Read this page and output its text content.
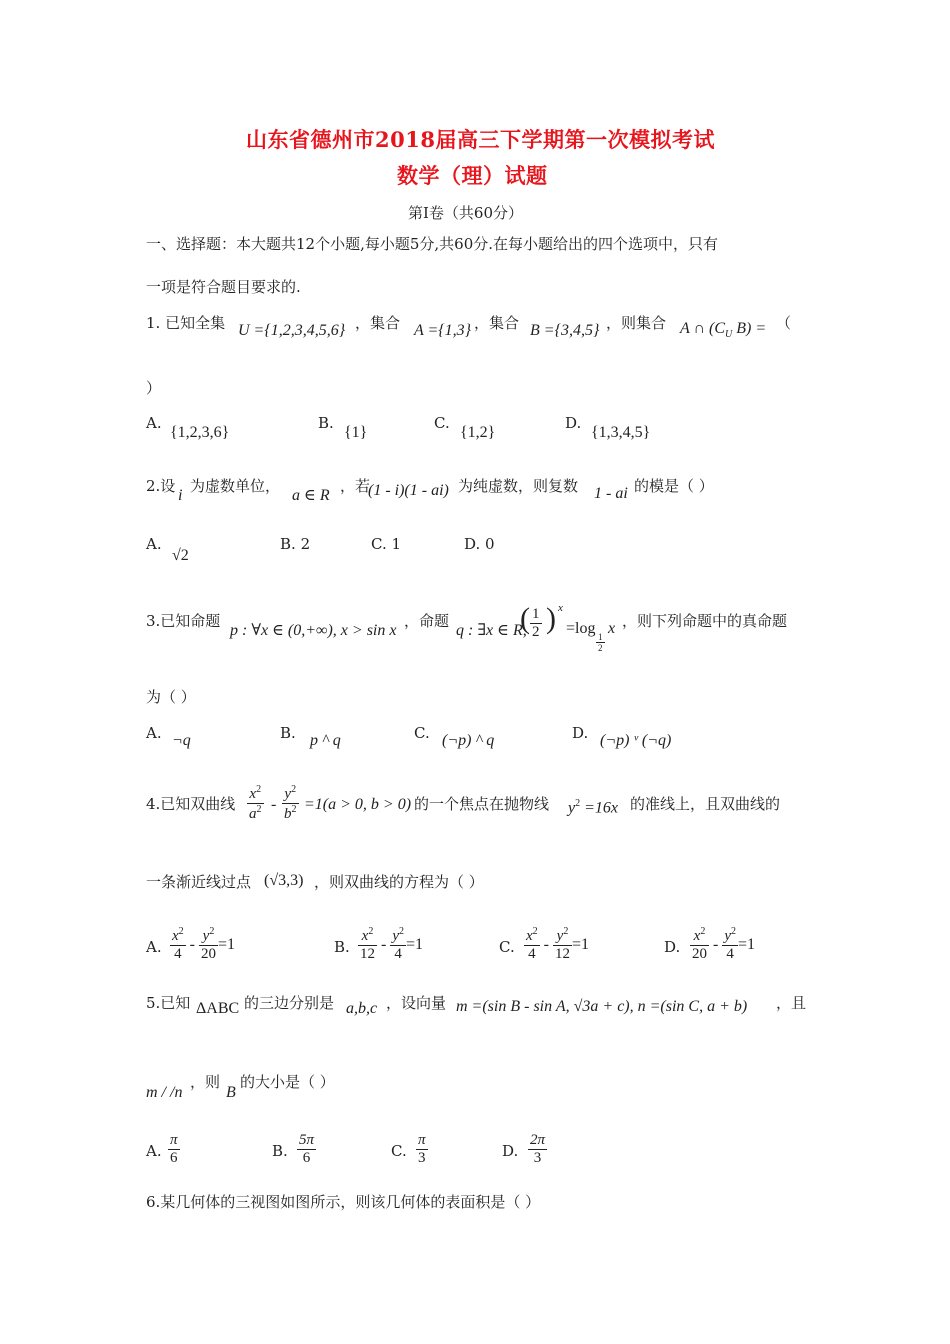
山东省德州市2018届高三下学期第一次模拟考试
数学（理）试题
第Ⅰ卷（共60分）
一、选择题：本大题共12个小题,每小题5分,共60分.在每小题给出的四个选项中，只有
一项是符合题目要求的.
1. 已知全集 U ={1,2,3,4,5,6} ，集合 A ={1,3} ，集合 B ={3,4,5} ，则集合 A ∩ ($C_U$ B) = （
）
A.
{1,2,3,6}
B.
{1}
C.
{1,2}
D.
{1,3,4,5}
2.设
i
为虚数单位，
a ∈ R
，若
(1 - i)(1 - ai) 为纯虚数，则复数 1 - ai 的模是（ ）
A.
√2
B. 2	C. 1	D. 0
3.已知命题
p : ∀x ∈ (0,+∞), x > sin x
，命题
q : ∃x ∈ R,
( $\frac{1}{2}$ ) x
=log
$\frac{1}{2}$
x ，则下列命题中的真命题
为（ ）
A. ¬q	B. p ^ q	C. (¬p) ^ q	D. (¬p) ᵛ (¬q)
4.已知双曲线 $\frac{x^2}{a^2} - \frac{y^2}{b^2} =1(a > 0$, b > 0) 的一个焦点在抛物线 $y^2 =16x$ 的准线上，且双曲线的
一条渐近线过点 (√3,3) ，则双曲线的方程为（ ）
A. $\frac{x^2}{4} - \frac{y^2}{20} =1$	B. $\frac{x^2}{12} - \frac{y^2}{4} =1$	C. $\frac{x^2}{4} - \frac{y^2}{12} =1$	D. $\frac{x^2}{20} - \frac{y^2}{4} =1$
5.已知 ΔABC 的三边分别是 a,b,c ，设向量 m =(sin B - sin A, √3a + c), n =(sin C, a + b) ，且
m / /n
，则
B
的大小是（ ）
A. $\frac{\pi}{6}$	B. $\frac{5\pi}{6}$	C. $\frac{\pi}{3}$	D. $\frac{2\pi}{3}$
6.某几何体的三视图如图所示，则该几何体的表面积是（ ）
